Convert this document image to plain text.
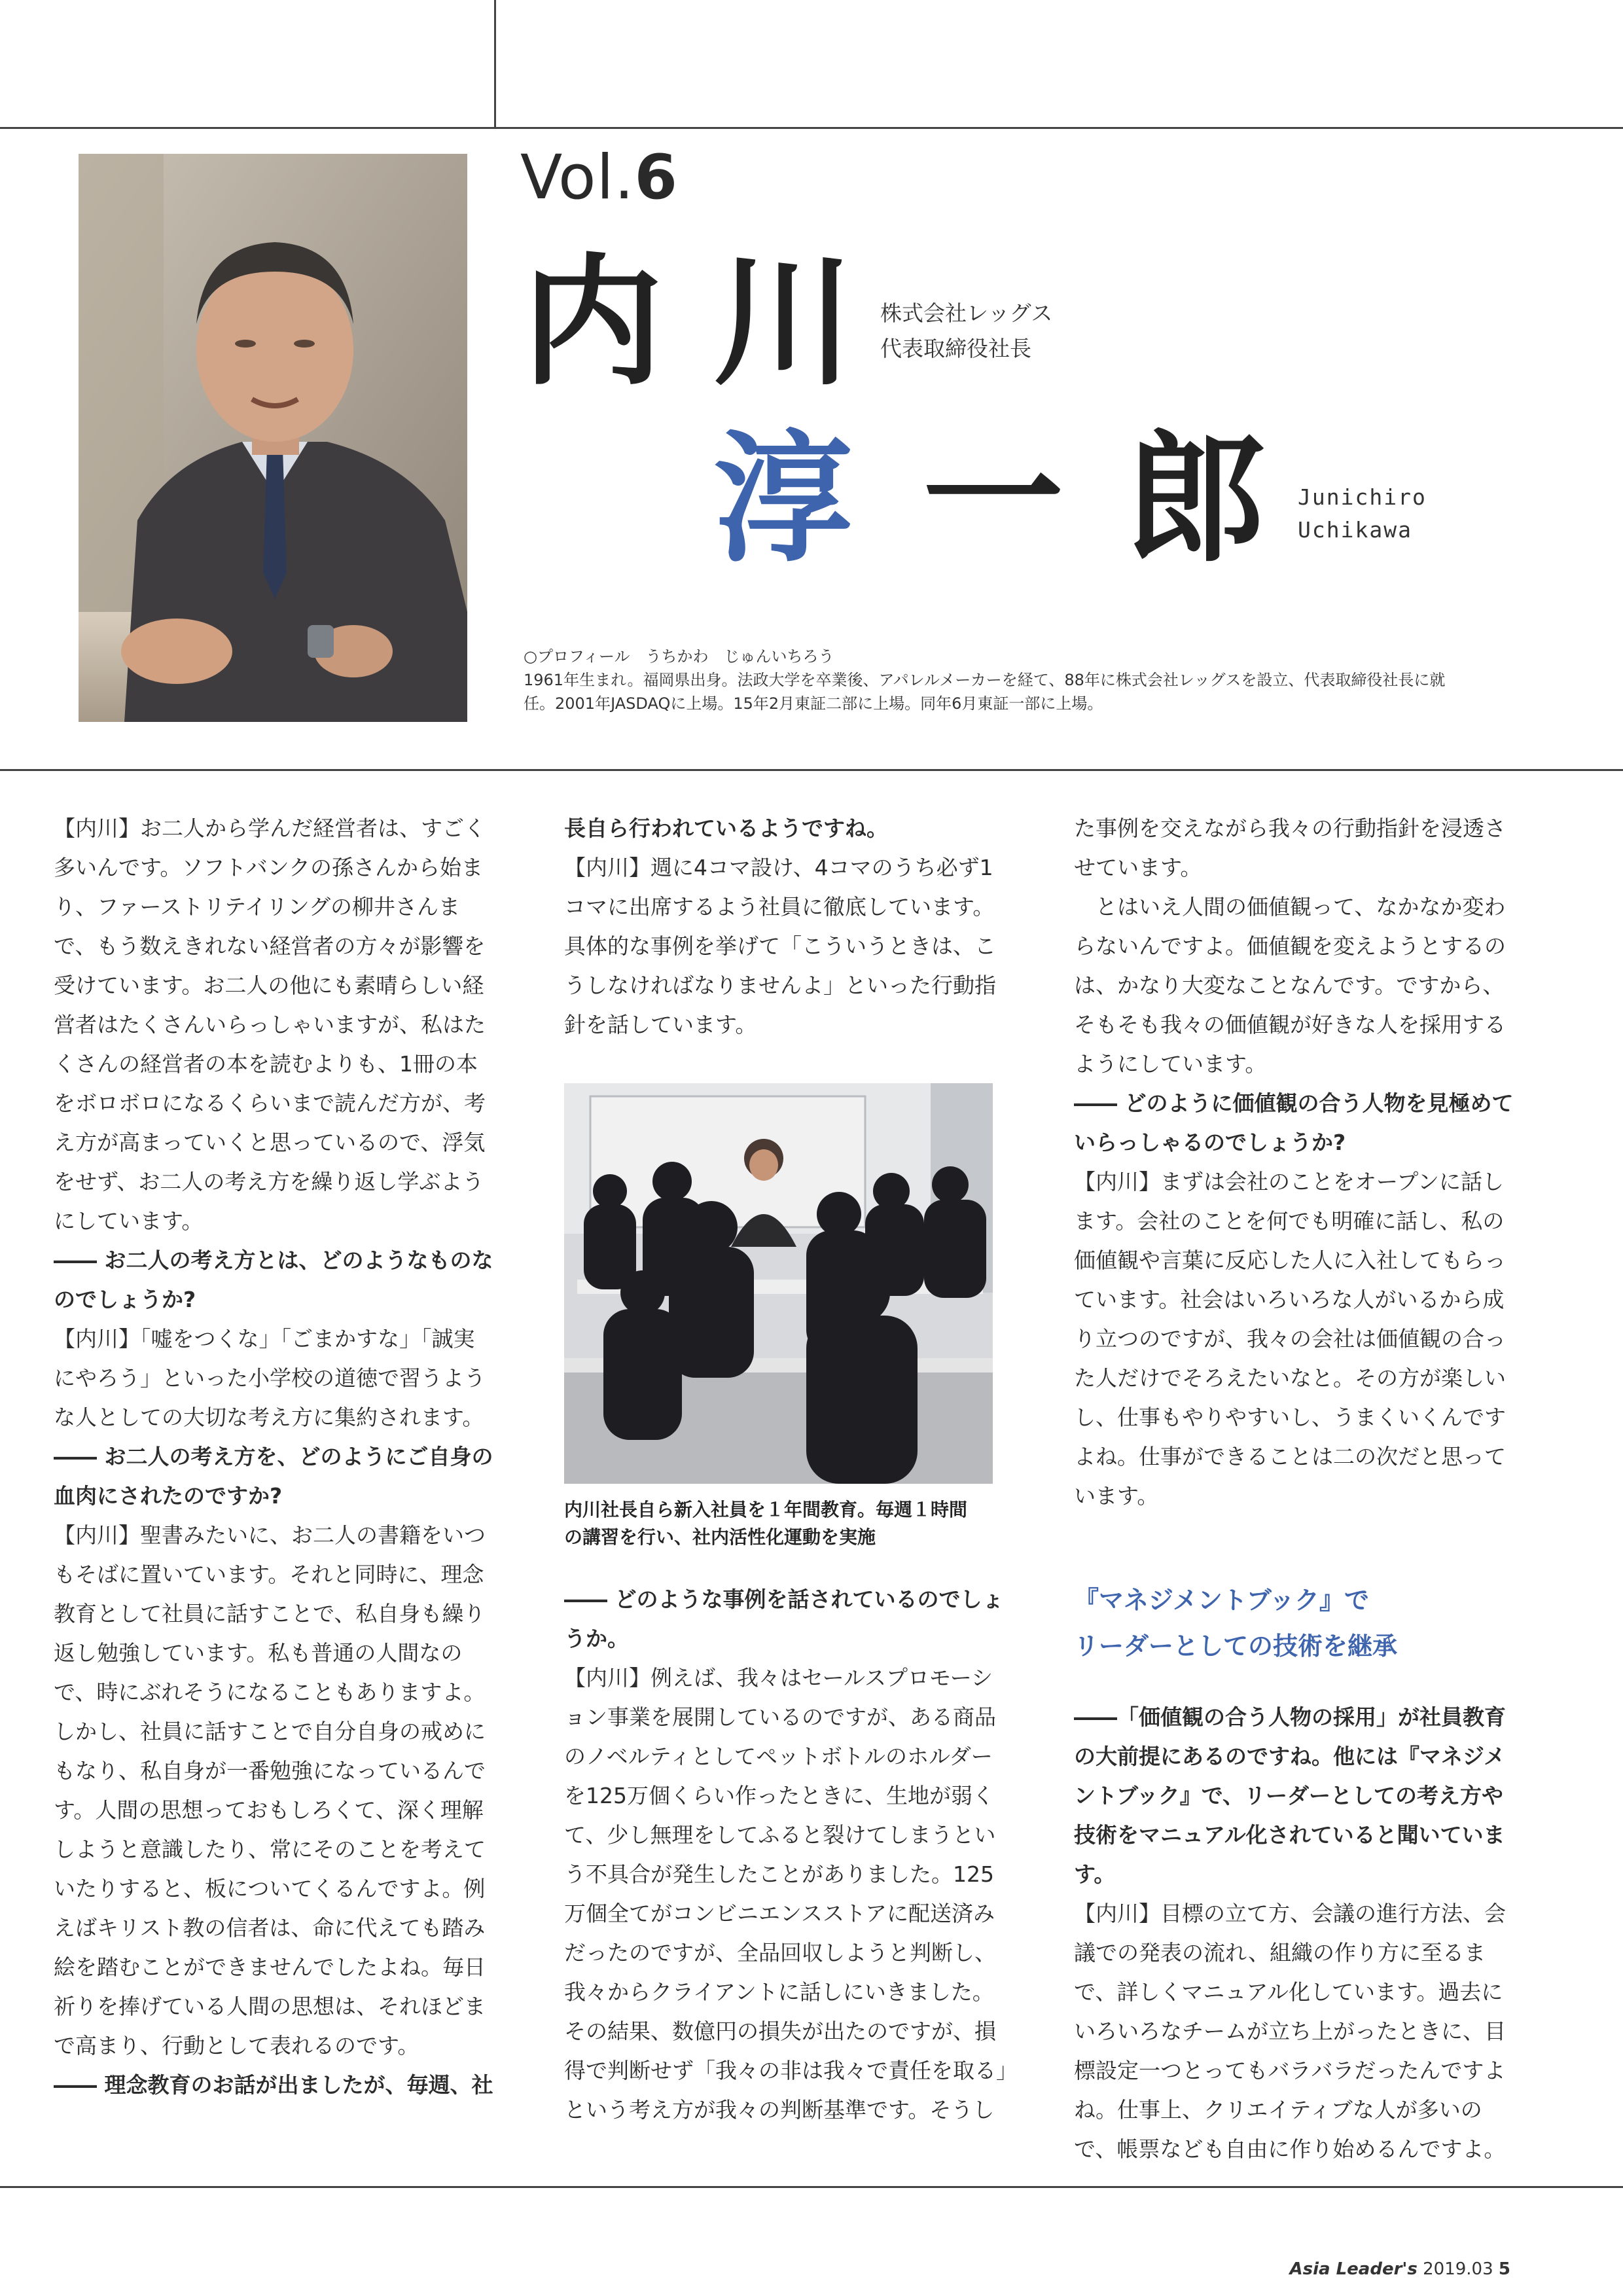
Vol.6
内 川
淳 一 郎
株式会社レッグス
代表取締役社長
Junichiro
Uchikawa
○プロフィール　うちかわ　じゅんいちろう
1961年生まれ。福岡県出身。法政大学を卒業後、アパレルメーカーを経て、88年に株式会社レッグスを設立、代表取締役社長に就
任。2001年JASDAQに上場。15年2月東証二部に上場。同年6月東証一部に上場。

【内川】お二人から学んだ経営者は、すごく多いんです。ソフトバンクの孫さんから始まり、ファーストリテイリングの柳井さんまで、もう数えきれない経営者の方々が影響を受けています。お二人の他にも素晴らしい経営者はたくさんいらっしゃいますが、私はたくさんの経営者の本を読むよりも、1冊の本をボロボロになるくらいまで読んだ方が、考え方が高まっていくと思っているので、浮気をせず、お二人の考え方を繰り返し学ぶようにしています。

―― お二人の考え方とは、どのようなものなのでしょうか?

【内川】「嘘をつくな」「ごまかすな」「誠実にやろう」といった小学校の道徳で習うような人としての大切な考え方に集約されます。

―― お二人の考え方を、どのようにご自身の血肉にされたのですか?

【内川】聖書みたいに、お二人の書籍をいつもそばに置いています。それと同時に、理念教育として社員に話すことで、私自身も繰り返し勉強しています。私も普通の人間なので、時にぶれそうになることもありますよ。しかし、社員に話すことで自分自身の戒めにもなり、私自身が一番勉強になっているんです。人間の思想っておもしろくて、深く理解しようと意識したり、常にそのことを考えていたりすると、板についてくるんですよ。例えばキリスト教の信者は、命に代えても踏み絵を踏むことができませんでしたよね。毎日祈りを捧げている人間の思想は、それほどまで高まり、行動として表れるのです。

―― 理念教育のお話が出ましたが、毎週、社

長自ら行われているようですね。

【内川】週に4コマ設け、4コマのうち必ず1コマに出席するよう社員に徹底しています。具体的な事例を挙げて「こういうときは、こうしなければなりませんよ」といった行動指針を話しています。

内川社長自ら新入社員を１年間教育。毎週１時間
の講習を行い、社内活性化運動を実施

―― どのような事例を話されているのでしょうか。

【内川】例えば、我々はセールスプロモーション事業を展開しているのですが、ある商品のノベルティとしてペットボトルのホルダーを125万個くらい作ったときに、生地が弱くて、少し無理をしてふると裂けてしまうという不具合が発生したことがありました。125万個全てがコンビニエンスストアに配送済みだったのですが、全品回収しようと判断し、我々からクライアントに話しにいきました。その結果、数億円の損失が出たのですが、損得で判断せず「我々の非は我々で責任を取る」という考え方が我々の判断基準です。そうし

た事例を交えながら我々の行動指針を浸透させています。

とはいえ人間の価値観って、なかなか変わらないんですよ。価値観を変えようとするのは、かなり大変なことなんです。ですから、そもそも我々の価値観が好きな人を採用するようにしています。

―― どのように価値観の合う人物を見極めていらっしゃるのでしょうか?

【内川】まずは会社のことをオープンに話します。会社のことを何でも明確に話し、私の価値観や言葉に反応した人に入社してもらっています。社会はいろいろな人がいるから成り立つのですが、我々の会社は価値観の合った人だけでそろえたいなと。その方が楽しいし、仕事もやりやすいし、うまくいくんですよね。仕事ができることは二の次だと思っています。

『マネジメントブック』で
リーダーとしての技術を継承

――「価値観の合う人物の採用」が社員教育の大前提にあるのですね。他には『マネジメントブック』で、リーダーとしての考え方や技術をマニュアル化されていると聞いています。

【内川】目標の立て方、会議の進行方法、会議での発表の流れ、組織の作り方に至るまで、詳しくマニュアル化しています。過去にいろいろなチームが立ち上がったときに、目標設定一つとってもバラバラだったんですよね。仕事上、クリエイティブな人が多いので、帳票なども自由に作り始めるんですよ。

Asia Leader's 2019.03 5
